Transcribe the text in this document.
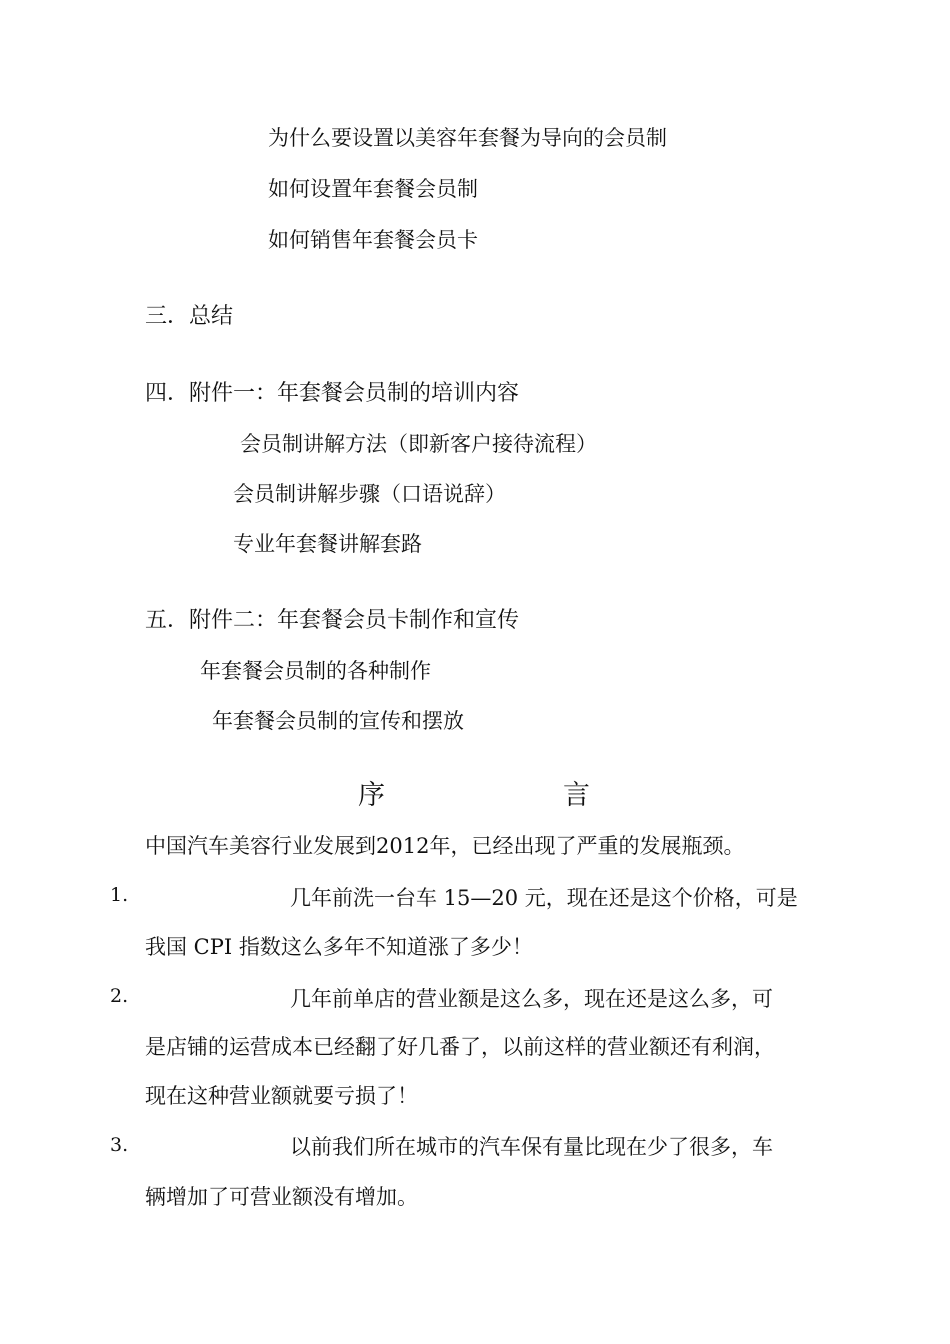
为什么要设置以美容年套餐为导向的会员制
如何设置年套餐会员制
如何销售年套餐会员卡
三．总结
四．附件一：年套餐会员制的培训内容
会员制讲解方法（即新客户接待流程）
会员制讲解步骤（口语说辞）
专业年套餐讲解套路
五．附件二：年套餐会员卡制作和宣传
年套餐会员制的各种制作
年套餐会员制的宣传和摆放
序	言
中国汽车美容行业发展到2012年，已经出现了严重的发展瓶颈。
1.	几年前洗一台车 15—20 元，现在还是这个价格，可是
我国 CPI 指数这么多年不知道涨了多少！
2.	几年前单店的营业额是这么多，现在还是这么多，可
是店铺的运营成本已经翻了好几番了，以前这样的营业额还有利润，
现在这种营业额就要亏损了！
3.	以前我们所在城市的汽车保有量比现在少了很多，车
辆增加了可营业额没有增加。
